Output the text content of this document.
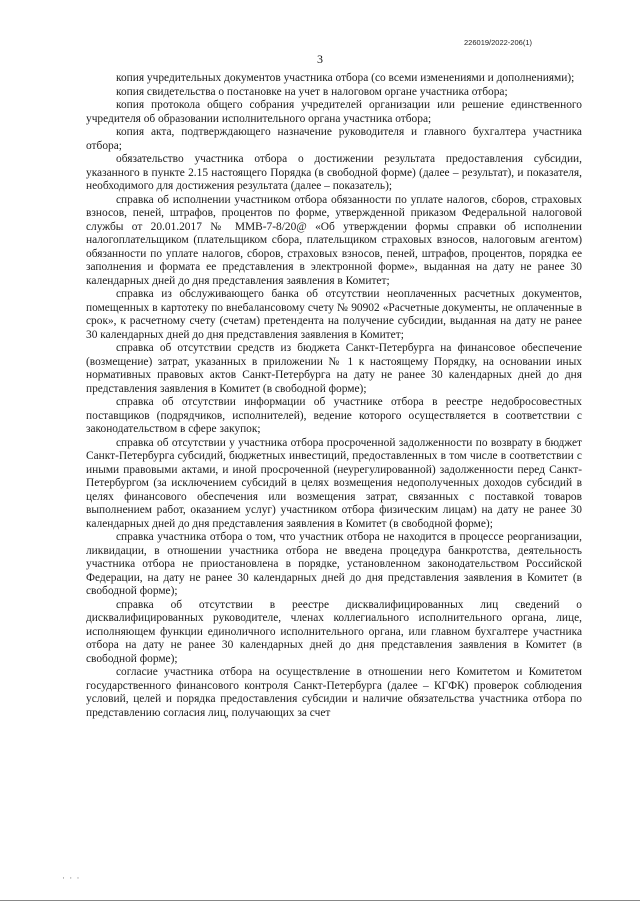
226019/2022-206(1)
3

копия учредительных документов участника отбора (со всеми изменениями и дополнениями);

копия свидетельства о постановке на учет в налоговом органе участника отбора;

копия протокола общего собрания учредителей организации или решение единственного учредителя об образовании исполнительного органа участника отбора;

копия акта, подтверждающего назначение руководителя и главного бухгалтера участника отбора;

обязательство участника отбора о достижении результата предоставления субсидии, указанного в пункте 2.15 настоящего Порядка (в свободной форме) (далее – результат), и показателя, необходимого для достижения результата (далее – показатель);

справка об исполнении участником отбора обязанности по уплате налогов, сборов, страховых взносов, пеней, штрафов, процентов по форме, утвержденной приказом Федеральной налоговой службы от 20.01.2017 № ММВ-7-8/20@ «Об утверждении формы справки об исполнении налогоплательщиком (плательщиком сбора, плательщиком страховых взносов, налоговым агентом) обязанности по уплате налогов, сборов, страховых взносов, пеней, штрафов, процентов, порядка ее заполнения и формата ее представления в электронной форме», выданная на дату не ранее 30 календарных дней до дня представления заявления в Комитет;

справка из обслуживающего банка об отсутствии неоплаченных расчетных документов, помещенных в картотеку по внебалансовому счету № 90902 «Расчетные документы, не оплаченные в срок», к расчетному счету (счетам) претендента на получение субсидии, выданная на дату не ранее 30 календарных дней до дня представления заявления в Комитет;

справка об отсутствии средств из бюджета Санкт-Петербурга на финансовое обеспечение (возмещение) затрат, указанных в приложении № 1 к настоящему Порядку, на основании иных нормативных правовых актов Санкт-Петербурга на дату не ранее 30 календарных дней до дня представления заявления в Комитет (в свободной форме);

справка об отсутствии информации об участнике отбора в реестре недобросовестных поставщиков (подрядчиков, исполнителей), ведение которого осуществляется в соответствии с законодательством в сфере закупок;

справка об отсутствии у участника отбора просроченной задолженности по возврату в бюджет Санкт-Петербурга субсидий, бюджетных инвестиций, предоставленных в том числе в соответствии с иными правовыми актами, и иной просроченной (неурегулированной) задолженности перед Санкт-Петербургом (за исключением субсидий в целях возмещения недополученных доходов субсидий в целях финансового обеспечения или возмещения затрат, связанных с поставкой товаров выполнением работ, оказанием услуг) участником отбора физическим лицам) на дату не ранее 30 календарных дней до дня представления заявления в Комитет (в свободной форме);

справка участника отбора о том, что участник отбора не находится в процессе реорганизации, ликвидации, в отношении участника отбора не введена процедура банкротства, деятельность участника отбора не приостановлена в порядке, установленном законодательством Российской Федерации, на дату не ранее 30 календарных дней до дня представления заявления в Комитет (в свободной форме);

справка об отсутствии в реестре дисквалифицированных лиц сведений о дисквалифицированных руководителе, членах коллегиального исполнительного органа, лице, исполняющем функции единоличного исполнительного органа, или главном бухгалтере участника отбора на дату не ранее 30 календарных дней до дня представления заявления в Комитет (в свободной форме);

согласие участника отбора на осуществление в отношении него Комитетом и Комитетом государственного финансового контроля Санкт-Петербурга (далее – КГФК) проверок соблюдения условий, целей и порядка предоставления субсидии и наличие обязательства участника отбора по представлению согласия лиц, получающих за счет

· · ·
